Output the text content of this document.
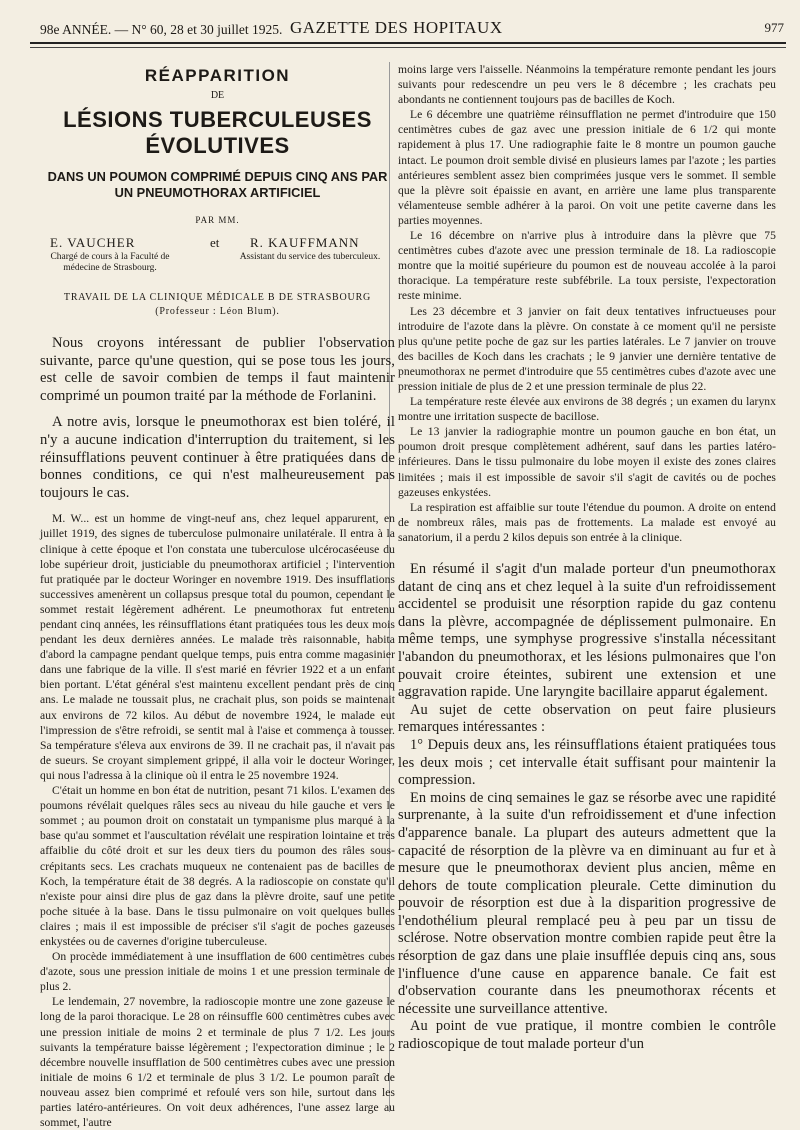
98e ANNÉE. — N° 60, 28 et 30 juillet 1925. GAZETTE DES HOPITAUX	977
RÉAPPARITION
DE
LÉSIONS TUBERCULEUSES ÉVOLUTIVES
DANS UN POUMON COMPRIMÉ DEPUIS CINQ ANS PAR UN PNEUMOTHORAX ARTIFICIEL
PAR MM.
E. VAUCHER	et R. KAUFFMANN
Chargé de cours à la Faculté de médecine de Strasbourg.
Assistant du service des tuberculeux.
TRAVAIL DE LA CLINIQUE MÉDICALE B DE STRASBOURG (Professeur : Léon Blum).

Nous croyons intéressant de publier l'observation suivante, parce qu'une question, qui se pose tous les jours, est celle de savoir combien de temps il faut maintenir comprimé un poumon traité par la méthode de Forlanini.

A notre avis, lorsque le pneumothorax est bien toléré, il n'y a aucune indication d'interruption du traitement, si les réinsufflations peuvent continuer à être pratiquées dans de bonnes conditions, ce qui n'est malheureusement pas toujours le cas.

M. W... est un homme de vingt-neuf ans, chez lequel apparurent, en juillet 1919, des signes de tuberculose pulmonaire unilatérale. Il entra à la clinique à cette époque et l'on constata une tuberculose ulcérocaséeuse du lobe supérieur droit, justiciable du pneumothorax artificiel ; l'intervention fut pratiquée par le docteur Woringer en novembre 1919. Des insufflations successives amenèrent un collapsus presque total du poumon, cependant le sommet restait légèrement adhérent. Le pneumothorax fut entretenu pendant cinq années, les réinsufflations étant pratiquées tous les deux mois pendant les deux dernières années. Le malade très raisonnable, habita d'abord la campagne pendant quelque temps, puis entra comme magasinier dans une fabrique de la ville. Il s'est marié en février 1922 et a un enfant bien portant. L'état général s'est maintenu excellent pendant près de cinq ans. Le malade ne toussait plus, ne crachait plus, son poids se maintenait aux environs de 72 kilos. Au début de novembre 1924, le malade eut l'impression de s'être refroidi, se sentit mal à l'aise et commença à tousser. Sa température s'éleva aux environs de 39. Il ne crachait pas, il n'avait pas de sueurs. Se croyant simplement grippé, il alla voir le docteur Woringer, qui nous l'adressa à la clinique où il entra le 25 novembre 1924.

C'était un homme en bon état de nutrition, pesant 71 kilos. L'examen des poumons révélait quelques râles secs au niveau du hile gauche et vers le sommet ; au poumon droit on constatait un tympanisme plus marqué à la base qu'au sommet et l'auscultation révélait une respiration lointaine et très affaiblie du côté droit et sur les deux tiers du poumon des râles sous-crépitants secs. Les crachats muqueux ne contenaient pas de bacilles de Koch, la température était de 38 degrés. A la radioscopie on constate qu'il n'existe pour ainsi dire plus de gaz dans la plèvre droite, sauf une petite poche située à la base. Dans le tissu pulmonaire on voit quelques bulles claires ; mais il est impossible de préciser s'il s'agit de poches gazeuses enkystées ou de cavernes d'origine tuberculeuse.

On procède immédiatement à une insufflation de 600 centimètres cubes d'azote, sous une pression initiale de moins 1 et une pression terminale de plus 2.

Le lendemain, 27 novembre, la radioscopie montre une zone gazeuse le long de la paroi thoracique. Le 28 on réinsuffle 600 centimètres cubes avec une pression initiale de moins 2 et terminale de plus 7 1/2. Les jours suivants la température baisse légèrement ; l'expectoration diminue ; le 2 décembre nouvelle insufflation de 500 centimètres cubes avec une pression initiale de moins 6 1/2 et terminale de plus 3 1/2. Le poumon paraît de nouveau assez bien comprimé et refoulé vers son hile, surtout dans les parties latéro-antérieures. On voit deux adhérences, l'une assez large au sommet, l'autre

moins large vers l'aisselle. Néanmoins la température remonte pendant les jours suivants pour redescendre un peu vers le 8 décembre ; les crachats peu abondants ne contiennent toujours pas de bacilles de Koch.

Le 6 décembre une quatrième réinsufflation ne permet d'introduire que 150 centimètres cubes de gaz avec une pression initiale de 6 1/2 qui monte rapidement à plus 17. Une radiographie faite le 8 montre un poumon gauche intact. Le poumon droit semble divisé en plusieurs lames par l'azote ; les parties antérieures semblent assez bien comprimées jusque vers le sommet. Il semble que la plèvre soit épaissie en avant, en arrière une lame plus transparente vélamenteuse semble adhérer à la paroi. On voit une petite caverne dans les parties moyennes.

Le 16 décembre on n'arrive plus à introduire dans la plèvre que 75 centimètres cubes d'azote avec une pression terminale de 18. La radioscopie montre que la moitié supérieure du poumon est de nouveau accolée à la paroi thoracique. La température reste subfébrile. La toux persiste, l'expectoration reste minime.

Les 23 décembre et 3 janvier on fait deux tentatives infructueuses pour introduire de l'azote dans la plèvre. On constate à ce moment qu'il ne persiste plus qu'une petite poche de gaz sur les parties latérales. Le 7 janvier on trouve des bacilles de Koch dans les crachats ; le 9 janvier une dernière tentative de pneumothorax ne permet d'introduire que 55 centimètres cubes d'azote avec une pression initiale de plus de 2 et une pression terminale de plus 22.

La température reste élevée aux environs de 38 degrés ; un examen du larynx montre une irritation suspecte de bacillose.

Le 13 janvier la radiographie montre un poumon gauche en bon état, un poumon droit presque complètement adhérent, sauf dans les parties latéro-inférieures. Dans le tissu pulmonaire du lobe moyen il existe des zones claires limitées ; mais il est impossible de savoir s'il s'agit de cavités ou de poches gazeuses enkystées.

La respiration est affaiblie sur toute l'étendue du poumon. A droite on entend de nombreux râles, mais pas de frottements. La malade est envoyé au sanatorium, il a perdu 2 kilos depuis son entrée à la clinique.

En résumé il s'agit d'un malade porteur d'un pneumothorax datant de cinq ans et chez lequel à la suite d'un refroidissement accidentel se produisit une résorption rapide du gaz contenu dans la plèvre, accompagnée de déplissement pulmonaire. En même temps, une symphyse progressive s'installa nécessitant l'abandon du pneumothorax, et les lésions pulmonaires que l'on pouvait croire éteintes, subirent une extension et une aggravation rapide. Une laryngite bacillaire apparut également.

Au sujet de cette observation on peut faire plusieurs remarques intéressantes :

1° Depuis deux ans, les réinsufflations étaient pratiquées tous les deux mois ; cet intervalle était suffisant pour maintenir la compression.

En moins de cinq semaines le gaz se résorbe avec une rapidité surprenante, à la suite d'un refroidissement et d'une infection d'apparence banale. La plupart des auteurs admettent que la capacité de résorption de la plèvre va en diminuant au fur et à mesure que le pneumothorax devient plus ancien, même en dehors de toute complication pleurale. Cette diminution du pouvoir de résorption est due à la disparition progressive de l'endothélium pleural remplacé peu à peu par un tissu de sclérose. Notre observation montre combien rapide peut être la résorption de gaz dans une plaie insufflée depuis cinq ans, sous l'influence d'une cause en apparence banale. Ce fait est d'observation courante dans les pneumothorax récents et nécessite une surveillance attentive.

Au point de vue pratique, il montre combien le contrôle radioscopique de tout malade porteur d'un
